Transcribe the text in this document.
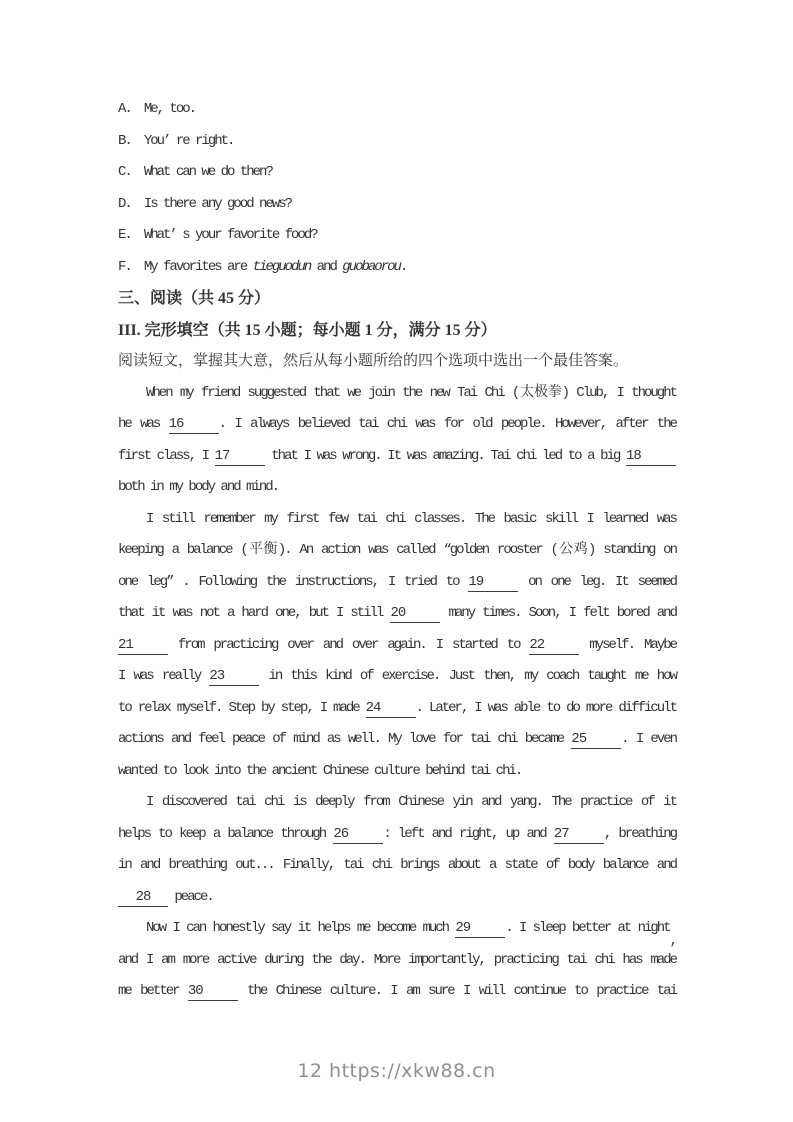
A. Me, too.
B. You’ re right.
C. What can we do then?
D. Is there any good news?
E. What’ s your favorite food?
F. My favorites are tieguodun and guobaorou.
三、阅读（共 45 分）
III. 完形填空（共 15 小题；每小题 1 分，满分 15 分）
阅读短文，掌握其大意，然后从每小题所给的四个选项中选出一个最佳答案。
When my friend suggested that we join the new Tai Chi (太极拳) Club, I thought
he was 16	. I always believed tai chi was for old people. However, after the
first class, I 17	that I was wrong. It was amazing. Tai chi led to a big 18
both in my body and mind.
I still remember my first few tai chi classes. The basic skill I learned was
keeping a balance (平衡). An action was called “golden rooster (公鸡) standing on
one leg” . Following the instructions, I tried to 19	on one leg. It seemed
that it was not a hard one, but I still 20	many times. Soon, I felt bored and
21	from practicing over and over again. I started to 22	myself. Maybe
I was really 23	in this kind of exercise. Just then, my coach taught me how
to relax myself. Step by step, I made 24	. Later, I was able to do more difficult
actions and feel peace of mind as well. My love for tai chi became 25	. I even
wanted to look into the ancient Chinese culture behind tai chi.
I discovered tai chi is deeply from Chinese yin and yang. The practice of it
helps to keep a balance through 26	: left and right, up and 27	, breathing
in and breathing out... Finally, tai chi brings about a state of body balance and
28 peace.
Now I can honestly say it helps me become much 29	. I sleep better at night,
and I am more active during the day. More importantly, practicing tai chi has made
me better 30	the Chinese culture. I am sure I will continue to practice tai
12 https://xkw88.cn
